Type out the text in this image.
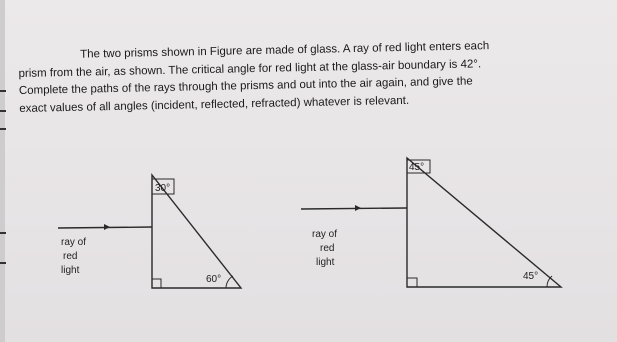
The two prisms shown in Figure are made of glass. A ray of red light enters each
prism from the air, as shown. The critical angle for red light at the glass-air boundary is 42°.
Complete the paths of the rays through the prisms and out into the air again, and give the
exact values of all angles (incident, reflected, refracted) whatever is relevant.
30°
60°
ray of
red
light
45°
45°
ray of
red
light
